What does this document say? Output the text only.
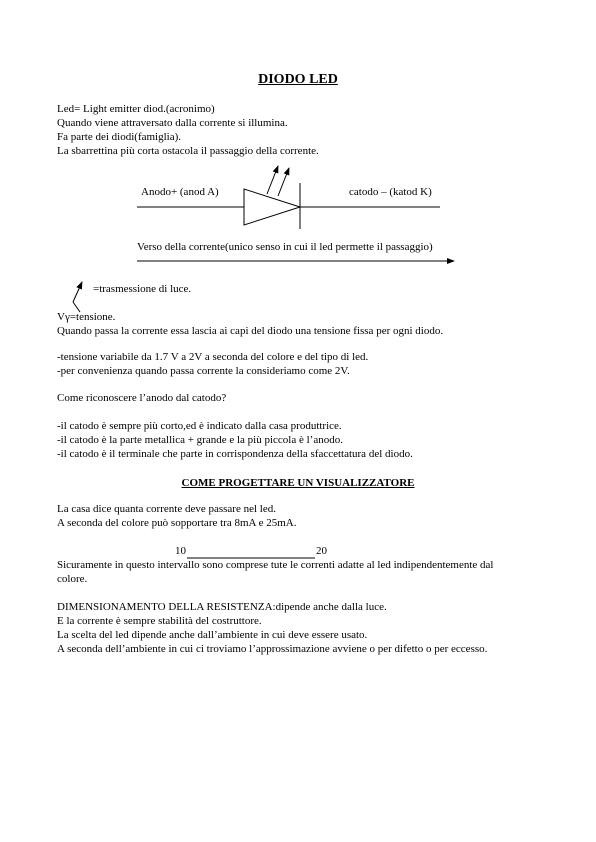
DIODO LED
Led= Light emitter diod.(acronimo)
Quando viene attraversato dalla corrente si illumina.
Fa parte dei diodi(famiglia).
La sbarrettina più corta ostacola il passaggio della corrente.
Anodo+ (anod A)	catodo – (katod K)
Verso della corrente(unico senso in cui il led permette il passaggio)
=trasmessione di luce.
Vγ=tensione.
Quando passa la corrente essa lascia ai capi del diodo una tensione fissa per ogni diodo.
-tensione variabile da 1.7 V a 2V a seconda del colore e del tipo di led.
-per convenienza quando passa corrente la consideriamo come 2V.
Come riconoscere l’anodo dal catodo?
-il catodo è sempre più corto,ed è indicato dalla casa produttrice.
-il catodo è la parte metallica + grande e la più piccola è l’anodo.
-il catodo è il terminale che parte in corrispondenza della sfaccettatura del diodo.
COME PROGETTARE UN VISUALIZZATORE
La casa dice quanta corrente deve passare nel led.
A seconda del colore può sopportare tra 8mA e 25mA.
10	20
Sicuramente in questo intervallo sono comprese tute le correnti adatte al led indipendentemente dal
colore.
DIMENSIONAMENTO DELLA RESISTENZA:dipende anche dalla luce.
E la corrente è sempre stabilità del costruttore.
La scelta del led dipende anche dall’ambiente in cui deve essere usato.
A seconda dell’ambiente in cui ci troviamo l’approssimazione avviene o per difetto o per eccesso.
